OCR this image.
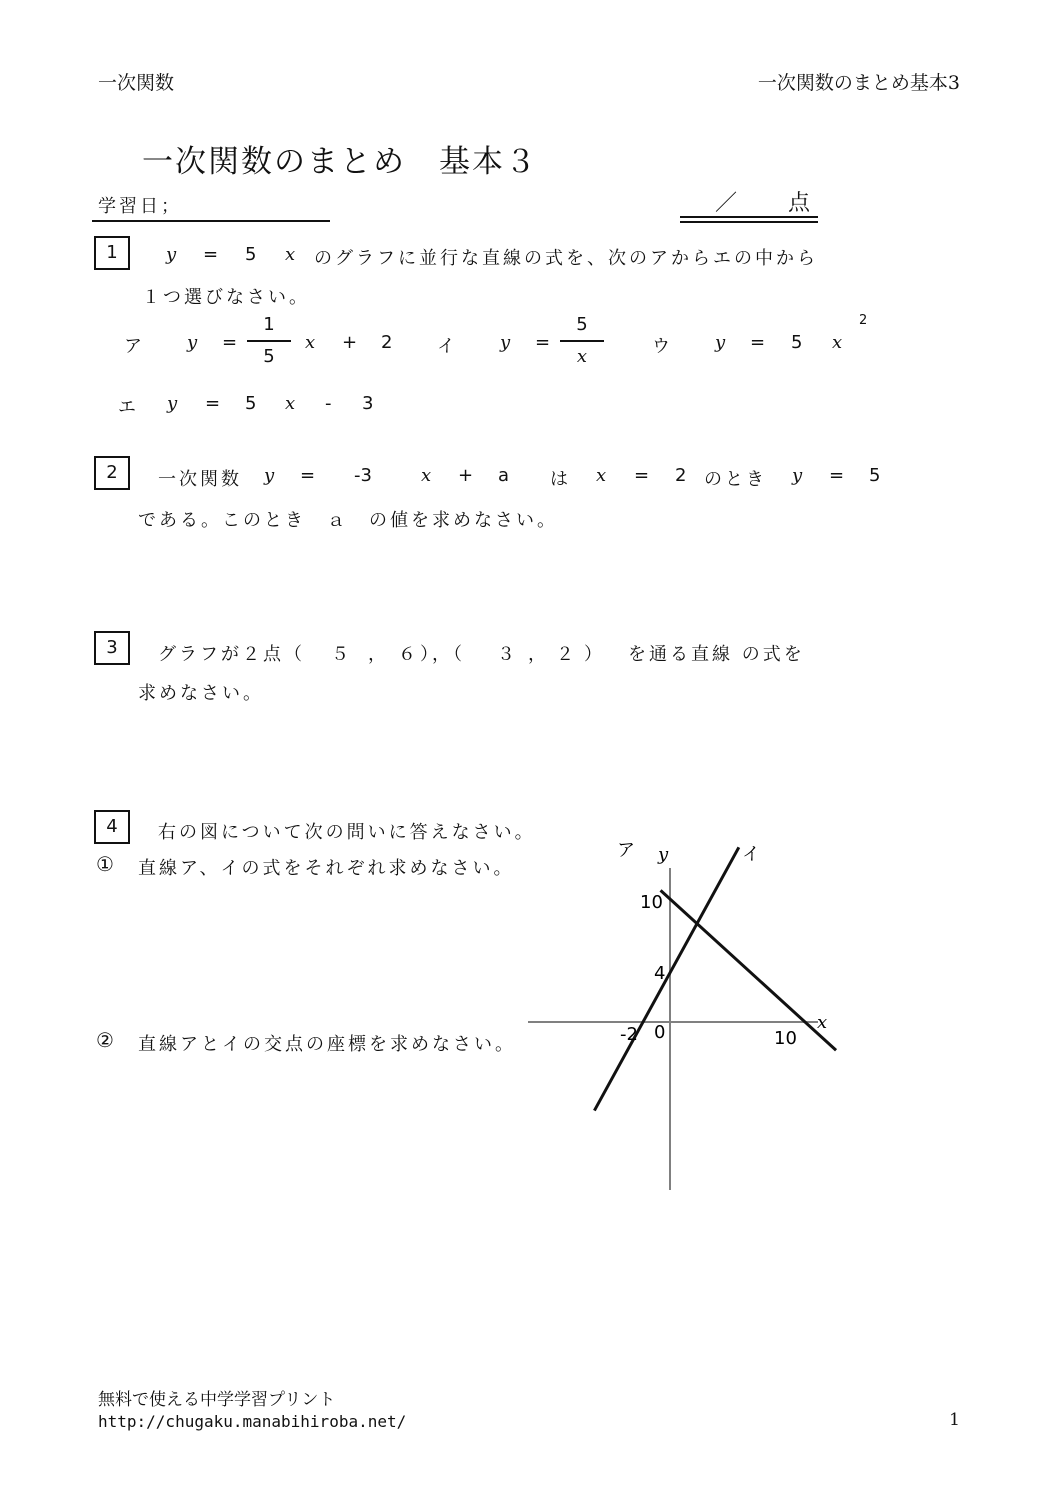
一次関数	一次関数のまとめ基本3
一次関数のまとめ　基本３
学習日；	／ 点
1	y = 5 x のグラフに並行な直線の式を、次のアからエの中から
１つ選びなさい。
ア y =
1
5
x + 2 イ y =
5
x	ウ y = 5 x
2
エ y = 5 x - 3
2	一次関数 y = -3	x + a は x = 2 のとき y = 5
である。このとき　ａ　の値を求めなさい。
3	グラフが２点（ ５ ， ６ ），（ ３ ， ２ ） を通る直線 の式を
求めなさい。
4	右の図について次の問いに答えなさい。
① 直線ア、イの式をそれぞれ求めなさい。
② 直線アとイの交点の座標を求めなさい。
ア	イ
y
x
10
4
-2 0	10
無料で使える中学学習プリント
http://chugaku.manabihiroba.net/	1
